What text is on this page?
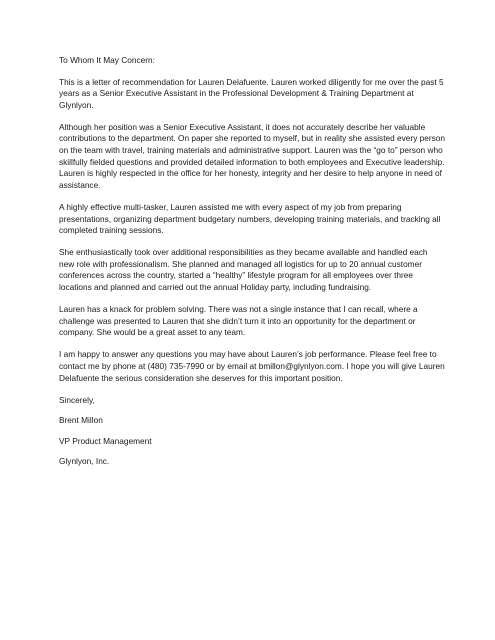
To Whom It May Concern:

This is a letter of recommendation for Lauren Delafuente. Lauren worked diligently for me over the past 5 years as a Senior Executive Assistant in the Professional Development & Training Department at Glynlyon.

Although her position was a Senior Executive Assistant, it does not accurately describe her valuable contributions to the department. On paper she reported to myself, but in reality she assisted every person on the team with travel, training materials and administrative support. Lauren was the “go to” person who skillfully fielded questions and provided detailed information to both employees and Executive leadership. Lauren is highly respected in the office for her honesty, integrity and her desire to help anyone in need of assistance.

A highly effective multi-tasker, Lauren assisted me with every aspect of my job from preparing presentations, organizing department budgetary numbers, developing training materials, and tracking all completed training sessions.

She enthusiastically took over additional responsibilities as they became available and handled each new role with professionalism. She planned and managed all logistics for up to 20 annual customer conferences across the country, started a “healthy” lifestyle program for all employees over three locations and planned and carried out the annual Holiday party, including fundraising.

Lauren has a knack for problem solving. There was not a single instance that I can recall, where a challenge was presented to Lauren that she didn’t turn it into an opportunity for the department or company. She would be a great asset to any team.

I am happy to answer any questions you may have about Lauren’s job performance. Please feel free to contact me by phone at (480) 735-7990 or by email at bmillon@glynlyon.com. I hope you will give Lauren Delafuente the serious consideration she deserves for this important position.

Sincerely,

Brent Millon

VP Product Management

Glynlyon, Inc.
